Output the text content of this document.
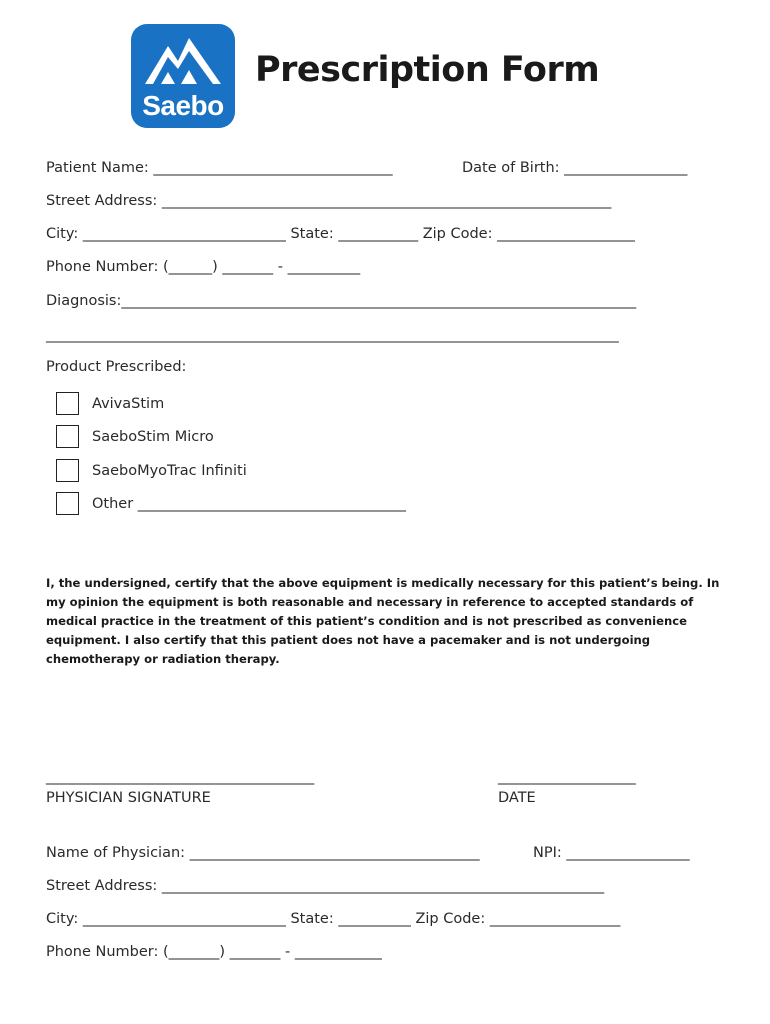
Saebo
Prescription Form
Patient Name: _________________________________	Date of Birth: _________________
Street Address: ______________________________________________________________
City: ____________________________ State: ___________ Zip Code: ___________________
Phone Number: (______) _______ - __________
Diagnosis:_______________________________________________________________________
_______________________________________________________________________________
Product Prescribed:
AvivaStim
SaeboStim Micro
SaeboMyoTrac Infiniti
Other _____________________________________
I, the undersigned, certify that the above equipment is medically necessary for this patient’s being. In my opinion the equipment is both reasonable and necessary in reference to accepted standards of medical practice in the treatment of this patient’s condition and is not prescribed as convenience equipment. I also certify that this patient does not have a pacemaker and is not undergoing chemotherapy or radiation therapy.
_____________________________________
PHYSICIAN SIGNATURE
___________________
DATE
Name of Physician: ________________________________________	NPI: _________________
Street Address: _____________________________________________________________
City: ____________________________ State: __________ Zip Code: __________________
Phone Number: (_______) _______ - ____________
